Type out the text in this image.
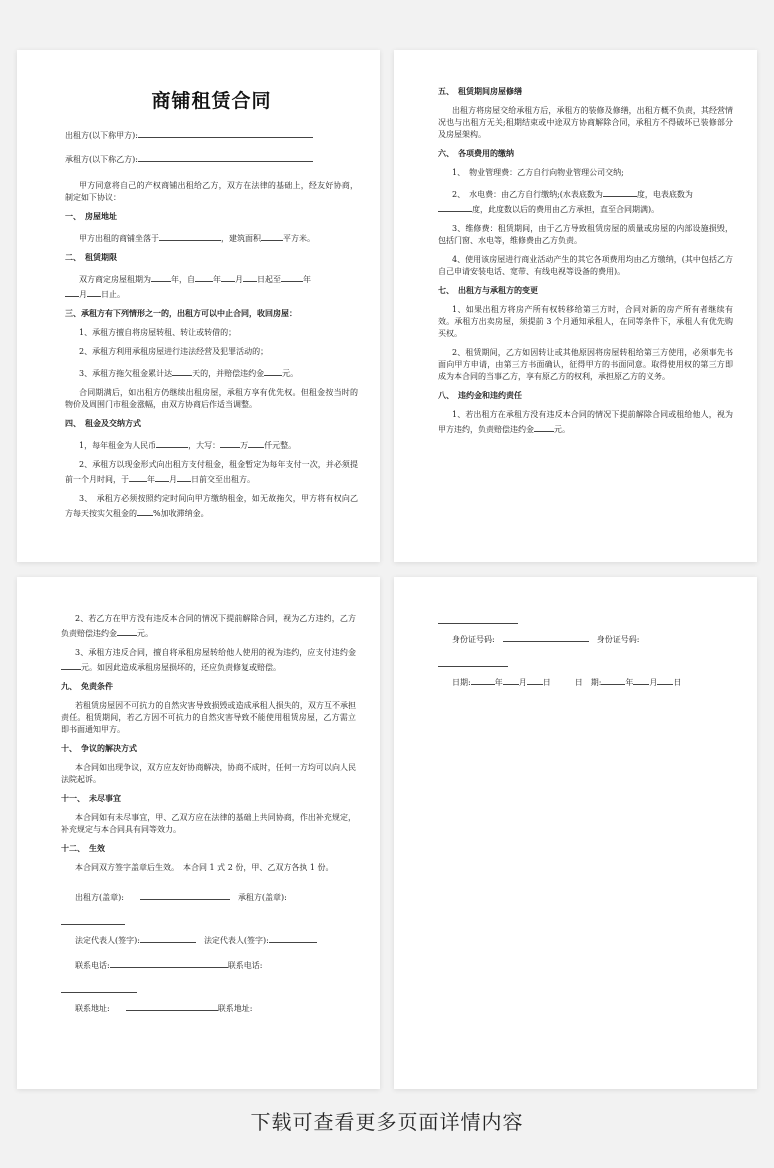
商铺租赁合同
出租方(以下称甲方):
承租方(以下称乙方):
甲方同意将自己的产权商铺出租给乙方，双方在法律的基础上，经友好协商，制定如下协议：
一、　房屋地址
甲方出租的商铺坐落于	，建筑面积	平方米。
二、　租赁期限
双方商定房屋租期为	年，自 年 月 日起至	年
月 日止。
三、承租方有下列情形之一的，出租方可以中止合同，收回房屋：
1、承租方擅自将房屋转租、转让或转借的；
2、承租方利用承租房屋进行违法经营及犯罪活动的；
3、承租方拖欠租金累计达	天的，并赔偿违约金 元。
合同期满后，如出租方仍继续出租房屋，承租方享有优先权。但租金按当时的物价及周围门市租金涨幅，由双方协商后作适当调整。
四、　租金及交纳方式
1，每年租金为人民币	，大写：	万 仟元整。
2、承租方以现金形式向出租方支付租金，租金暂定为每年支付一次，并必须提前一个月时间，于 年 月 日前交至出租方。
3、　承租方必须按照约定时间向甲方缴纳租金，如无故拖欠，甲方将有权向乙方每天按实欠租金的 %加收滞纳金。
五、　租赁期间房屋修缮
出租方将房屋交给承租方后，承租方的装修及修缮，出租方概不负责，其经营情况也与出租方无关;租期结束或中途双方协商解除合同，承租方不得破坏已装修部分及房屋架构。
六、　各项费用的缴纳
1、　物业管理费：乙方自行向物业管理公司交纳;
2、　水电费：由乙方自行缴纳;(水表底数为	度，电表底数为
度，此度数以后的费用由乙方承担，直至合同期满)。
3、维修费：租赁期间，由于乙方导致租赁房屋的质量或房屋的内部设施损毁，包括门窗、水电等，维修费由乙方负责。
4、使用该房屋进行商业活动产生的其它各项费用均由乙方缴纳，(其中包括乙方自己申请安装电话、宽带、有线电视等设备的费用)。
七、　出租方与承租方的变更
1、如果出租方将房产所有权转移给第三方时，合同对新的房产所有者继续有效。承租方出卖房屋，须提前 3 个月通知承租人，在同等条件下，承租人有优先购买权。
2、租赁期间，乙方如因转让或其他原因将房屋转租给第三方使用，必须事先书面向甲方申请，由第三方书面确认，征得甲方的书面同意。取得使用权的第三方即成为本合同的当事乙方，享有原乙方的权利，承担原乙方的义务。
八、　违约金和违约责任
1、若出租方在承租方没有违反本合同的情况下提前解除合同或租给他人，视为甲方违约，负责赔偿违约金	元。
2、若乙方在甲方没有违反本合同的情况下提前解除合同，视为乙方违约，乙方负责赔偿违约金	元。
3、承租方违反合同，擅自将承租房屋转给他人使用的视为违约，应支付违约金元。如因此造成承租房屋损坏的，还应负责修复或赔偿。
九、　免责条件
若租赁房屋因不可抗力的自然灾害导致损毁或造成承租人损失的，双方互不承担责任。租赁期间，若乙方因不可抗力的自然灾害导致不能使用租赁房屋，乙方需立即书面通知甲方。
十、　争议的解决方式
本合同如出现争议，双方应友好协商解决，协商不成时，任何一方均可以向人民法院起诉。
十一、　未尽事宜
本合同如有未尽事宜，甲、乙双方应在法律的基础上共同协商，作出补充规定，补充规定与本合同具有同等效力。
十二、　生效
本合同双方签字盖章后生效。　本合同 1 式 2 份，甲、乙双方各执 1 份。
出租方(盖章):　　　	承租方(盖章):
法定代表人(签字):　	法定代表人(签字):
联系电话:	联系电话:
联系地址:　　	联系地址:
身份证号码:　　	身份证号码:
日期:	年 月 日　　　	日　期:	年 月 日
下载可查看更多页面详情内容
